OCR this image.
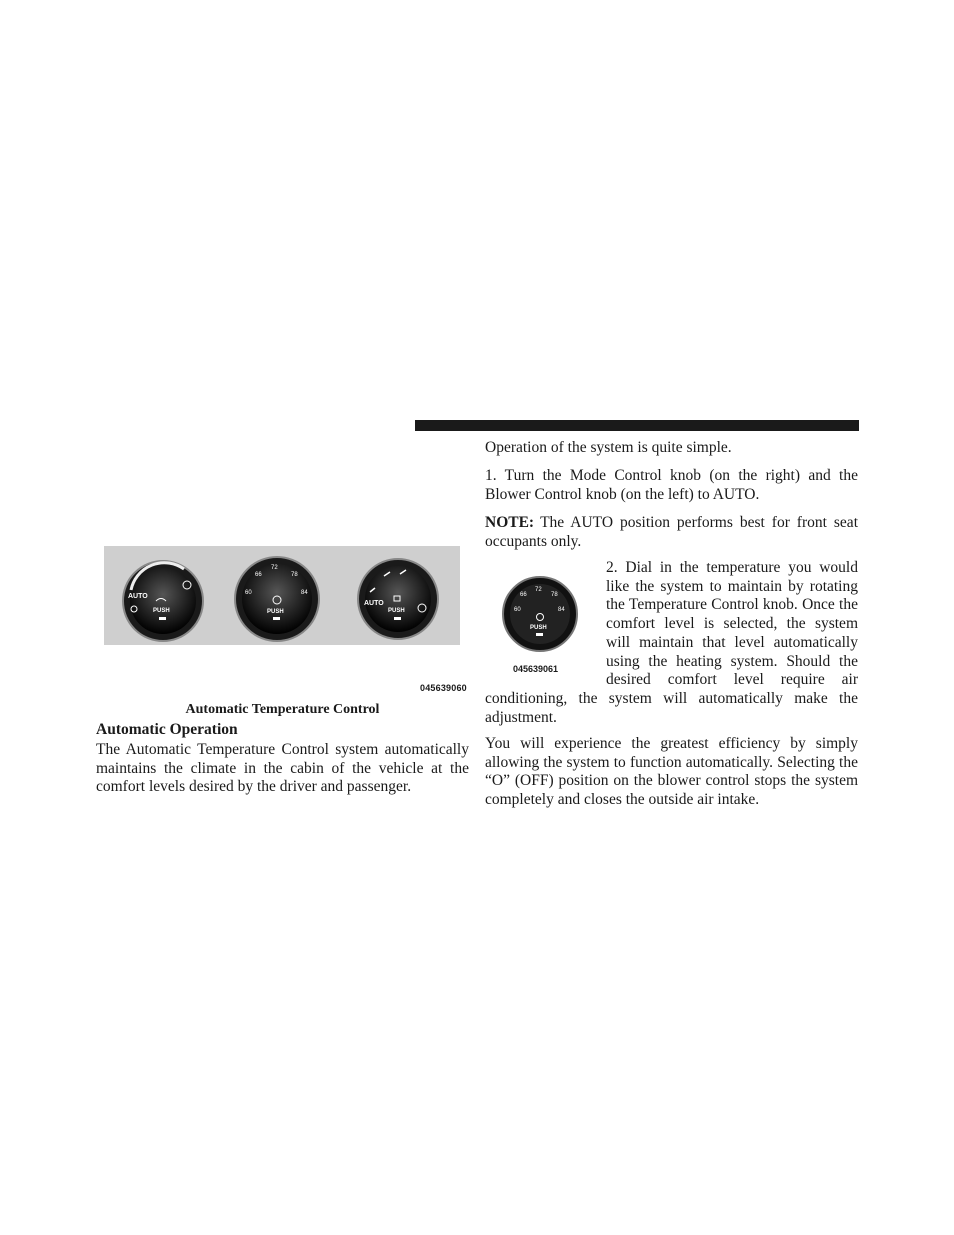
AUTO
PUSH
60
66
72
78
84
PUSH
AUTO
PUSH
045639060
Automatic Temperature Control
Automatic Operation
The Automatic Temperature Control system automatically maintains the climate in the cabin of the vehicle at the comfort levels desired by the driver and passenger.
Operation of the system is quite simple.
1. Turn the Mode Control knob (on the right) and the Blower Control knob (on the left) to AUTO.
NOTE: The AUTO position performs best for front seat occupants only.
60
66
72
78
84
PUSH
045639061
2. Dial in the temperature you would like the system to maintain by rotating the Temperature Control knob. Once the comfort level is selected, the system will maintain that level automatically using the heating system. Should the desired comfort level require air conditioning, the system will automatically make the adjustment.
You will experience the greatest efficiency by simply allowing the system to function automatically. Selecting the “O” (OFF) position on the blower control stops the system completely and closes the outside air intake.
